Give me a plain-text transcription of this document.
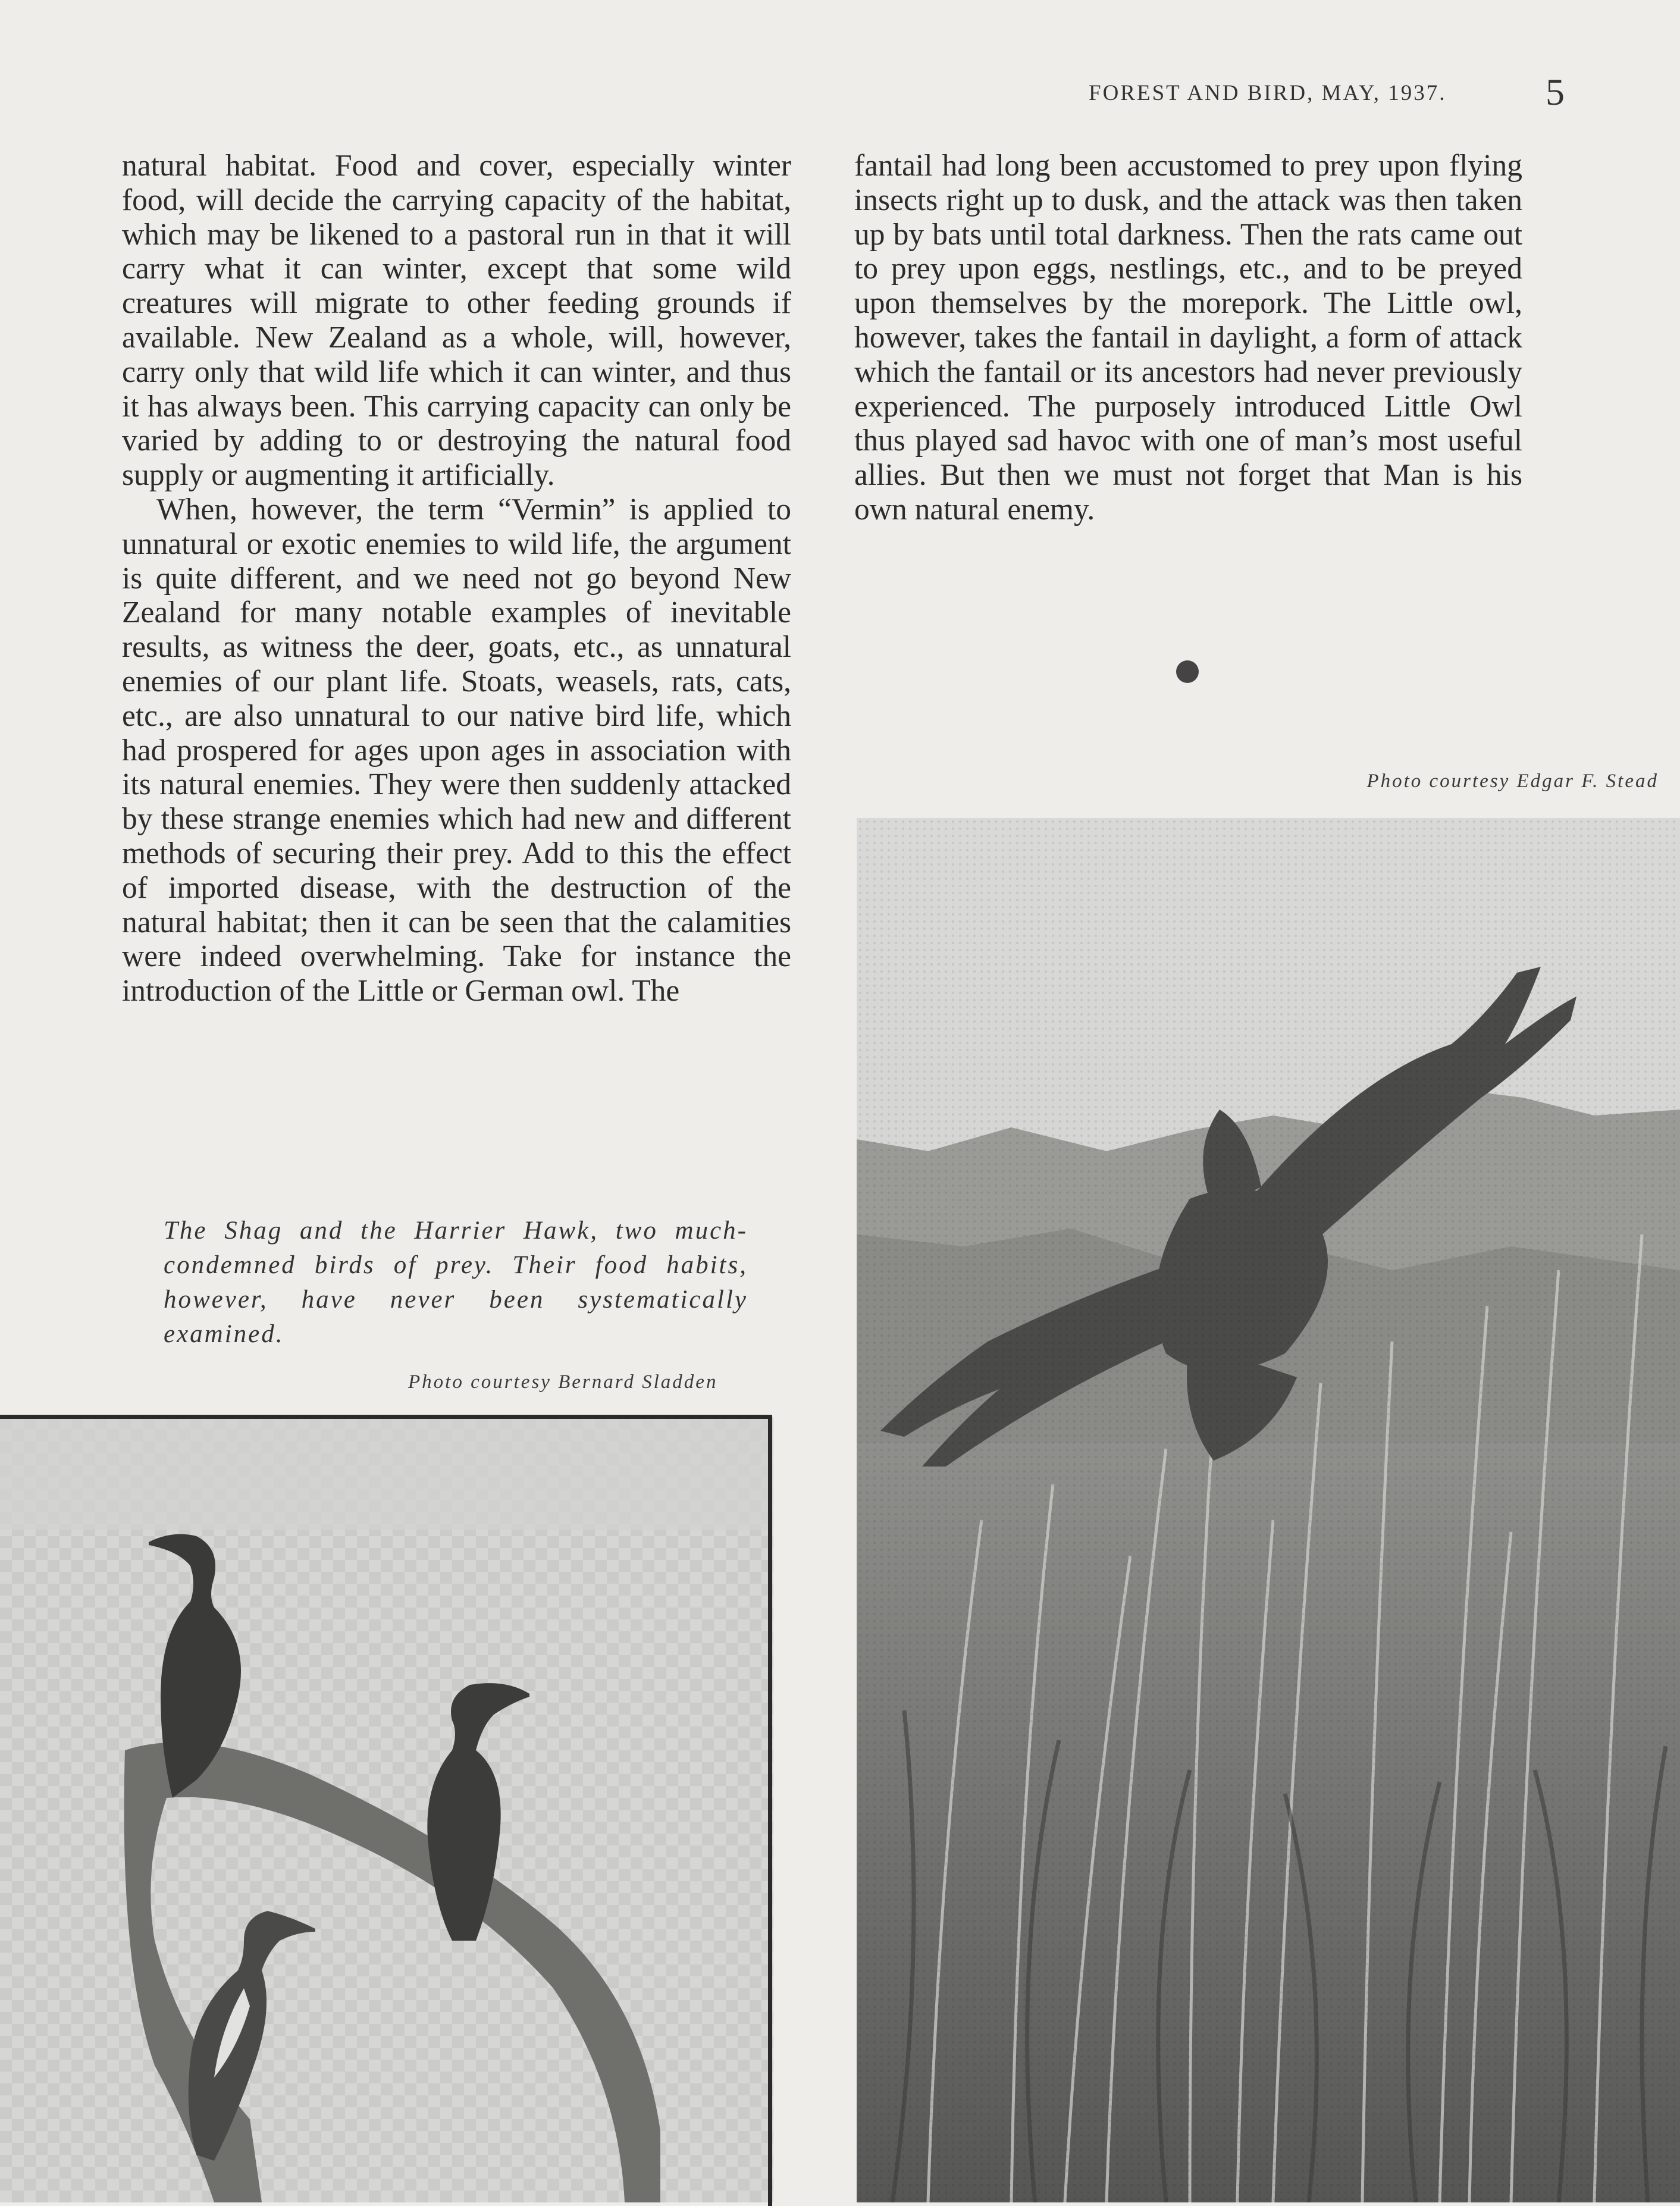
FOREST AND BIRD, MAY, 1937.	5

natural habitat. Food and cover, especially winter food, will decide the carrying capacity of the habitat, which may be likened to a pastoral run in that it will carry what it can winter, except that some wild creatures will migrate to other feeding grounds if available. New Zealand as a whole, will, however, carry only that wild life which it can winter, and thus it has always been. This carrying capacity can only be varied by adding to or destroying the natural food supply or augmenting it artificially.

When, however, the term “Vermin” is applied to unnatural or exotic enemies to wild life, the argument is quite different, and we need not go beyond New Zealand for many notable examples of inevitable results, as witness the deer, goats, etc., as unnatural enemies of our plant life. Stoats, weasels, rats, cats, etc., are also unnatural to our native bird life, which had prospered for ages upon ages in association with its natural enemies. They were then suddenly attacked by these strange enemies which had new and different methods of securing their prey. Add to this the effect of imported disease, with the destruction of the natural habitat; then it can be seen that the calamities were indeed overwhelming. Take for instance the introduction of the Little or German owl. The

fantail had long been accustomed to prey upon flying insects right up to dusk, and the attack was then taken up by bats until total darkness. Then the rats came out to prey upon eggs, nestlings, etc., and to be preyed upon themselves by the morepork. The Little owl, however, takes the fantail in daylight, a form of attack which the fantail or its ancestors had never previously experienced. The purposely introduced Little Owl thus played sad havoc with one of man’s most useful allies. But then we must not forget that Man is his own natural enemy.

Photo courtesy Edgar F. Stead
The Shag and the Harrier Hawk, two much-condemned birds of prey. Their food habits, however, have never been systematically examined.
Photo courtesy Bernard Sladden
